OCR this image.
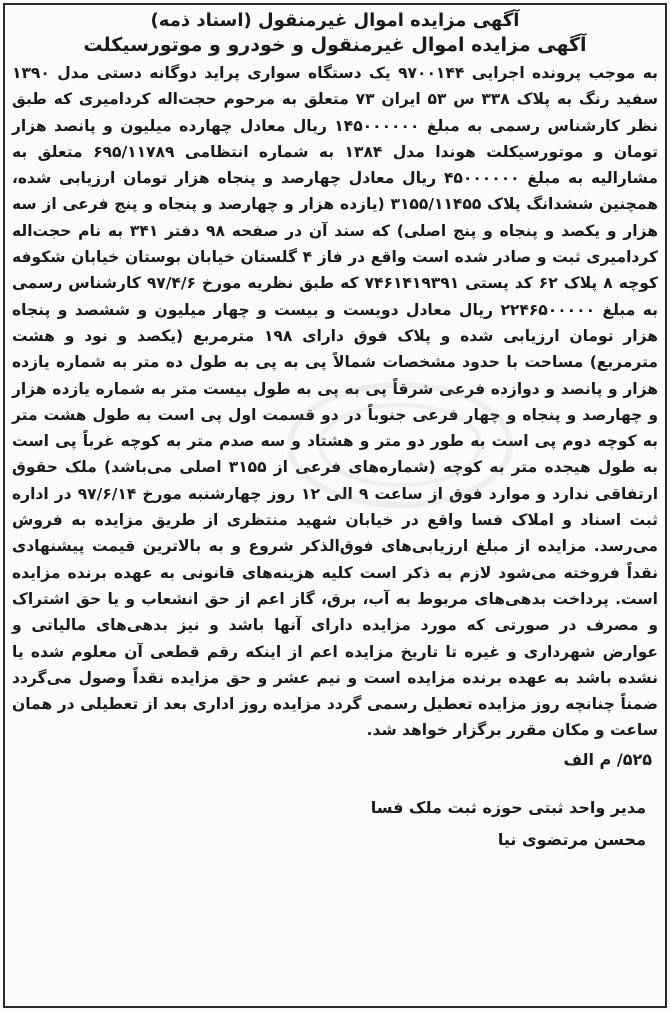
آگهی مزایده اموال غیرمنقول (اسناد ذمه)
آگهی مزایده اموال غیرمنقول و خودرو و موتورسیکلت

به موجب پرونده اجرایی ۹۷۰۰۱۴۴ یک دستگاه سواری پراید دوگانه دستی مدل ۱۳۹۰ سفید رنگ به پلاک ۳۳۸ س ۵۳ ایران ۷۳ متعلق به مرحوم حجت‌اله کردامیری که طبق نظر کارشناس رسمی به مبلغ ۱۴۵۰۰۰۰۰۰ ریال معادل چهارده میلیون و پانصد هزار تومان و موتورسیکلت هوندا مدل ۱۳۸۴ به شماره انتظامی ۶۹۵/۱۱۷۸۹ متعلق به مشارالیه به مبلغ ۴۵۰۰۰۰۰۰ ریال معادل چهارصد و پنجاه هزار تومان ارزیابی شده، همچنین ششدانگ پلاک ۳۱۵۵/۱۱۴۵۵ (یازده هزار و چهارصد و پنجاه و پنج فرعی از سه هزار و یکصد و پنجاه و پنج اصلی) که سند آن در صفحه ۹۸ دفتر ۳۴۱ به نام حجت‌اله کردامیری ثبت و صادر شده است واقع در فاز ۴ گلستان خیابان بوستان خیابان شکوفه کوچه ۸ پلاک ۶۲ کد پستی ۷۴۶۱۴۱۹۳۹۱ که طبق نظریه مورخ ۹۷/۴/۶ کارشناس رسمی به مبلغ ۲۲۴۶۵۰۰۰۰۰ ریال معادل دویست و بیست و چهار میلیون و ششصد و پنجاه هزار تومان ارزیابی شده و پلاک فوق دارای ۱۹۸ مترمربع (یکصد و نود و هشت مترمربع) مساحت با حدود مشخصات شمالاً پی به پی به طول ده متر به شماره یازده هزار و پانصد و دوازده فرعی شرقاً پی به پی به طول بیست متر به شماره یازده هزار و چهارصد و پنجاه و چهار فرعی جنوباً در دو قسمت اول پی است به طول هشت متر به کوچه دوم پی است به طور دو متر و هشتاد و سه صدم متر به کوچه غرباً پی است به طول هیجده متر به کوچه (شماره‌های فرعی از ۳۱۵۵ اصلی می‌باشد) ملک حقوق ارتفاقی ندارد و موارد فوق از ساعت ۹ الی ۱۲ روز چهارشنبه مورخ ۹۷/۶/۱۴ در اداره ثبت اسناد و املاک فسا واقع در خیابان شهید منتظری از طریق مزایده به فروش می‌رسد. مزایده از مبلغ ارزیابی‌های فوق‌الذکر شروع و به بالاترین قیمت پیشنهادی نقداً فروخته می‌شود لازم به ذکر است کلیه هزینه‌های قانونی به عهده برنده مزایده است. پرداخت بدهی‌های مربوط به آب، برق، گاز اعم از حق انشعاب و یا حق اشتراک و مصرف در صورتی که مورد مزایده دارای آنها باشد و نیز بدهی‌های مالیاتی و عوارض شهرداری و غیره تا تاریخ مزایده اعم از اینکه رقم قطعی آن معلوم شده یا نشده باشد به عهده برنده مزایده است و نیم عشر و حق مزایده نقداً وصول می‌گردد ضمناً چنانچه روز مزایده تعطیل رسمی گردد مزایده روز اداری بعد از تعطیلی در همان ساعت و مکان مقرر برگزار خواهد شد.

۵۲۵/ م الف
مدیر واحد ثبتی حوزه ثبت ملک فسا
محسن مرتضوی نیا
